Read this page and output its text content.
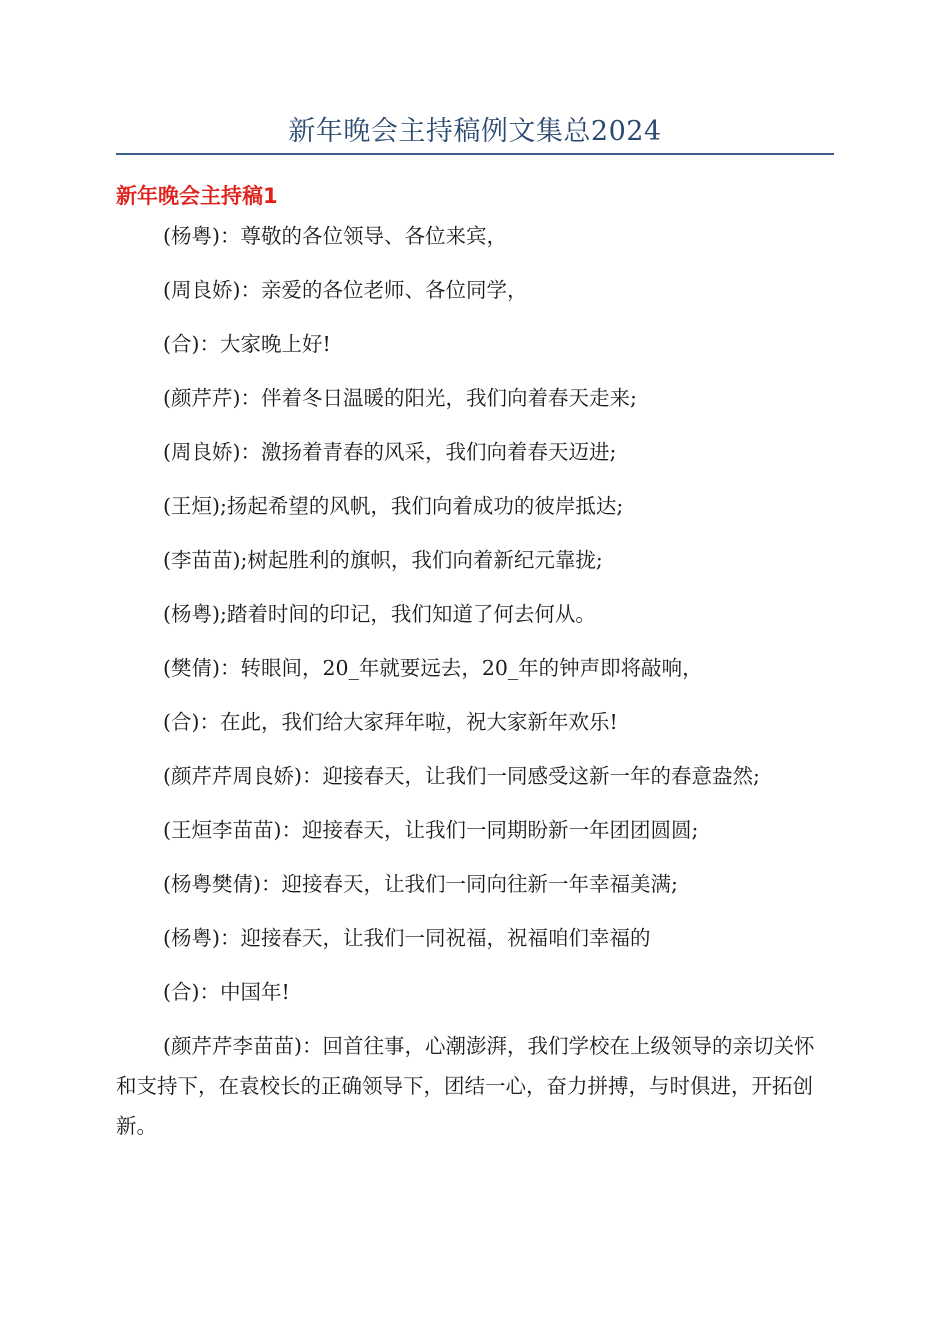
新年晚会主持稿例文集总2024
新年晚会主持稿1

(杨粤)：尊敬的各位领导、各位来宾，

(周良娇)：亲爱的各位老师、各位同学，

(合)：大家晚上好!

(颜芹芹)：伴着冬日温暖的阳光，我们向着春天走来;

(周良娇)：激扬着青春的风采，我们向着春天迈进;

(王烜);扬起希望的风帆，我们向着成功的彼岸抵达;

(李苗苗);树起胜利的旗帜，我们向着新纪元靠拢;

(杨粤);踏着时间的印记，我们知道了何去何从。

(樊倩)：转眼间，20_年就要远去，20_年的钟声即将敲响，

(合)：在此，我们给大家拜年啦，祝大家新年欢乐!

(颜芹芹周良娇)：迎接春天，让我们一同感受这新一年的春意盎然;

(王烜李苗苗)：迎接春天，让我们一同期盼新一年团团圆圆;

(杨粤樊倩)：迎接春天，让我们一同向往新一年幸福美满;

(杨粤)：迎接春天，让我们一同祝福，祝福咱们幸福的

(合)：中国年!

(颜芹芹李苗苗)：回首往事，心潮澎湃，我们学校在上级领导的亲切关怀和支持下，在袁校长的正确领导下，团结一心，奋力拼搏，与时俱进，开拓创新。
